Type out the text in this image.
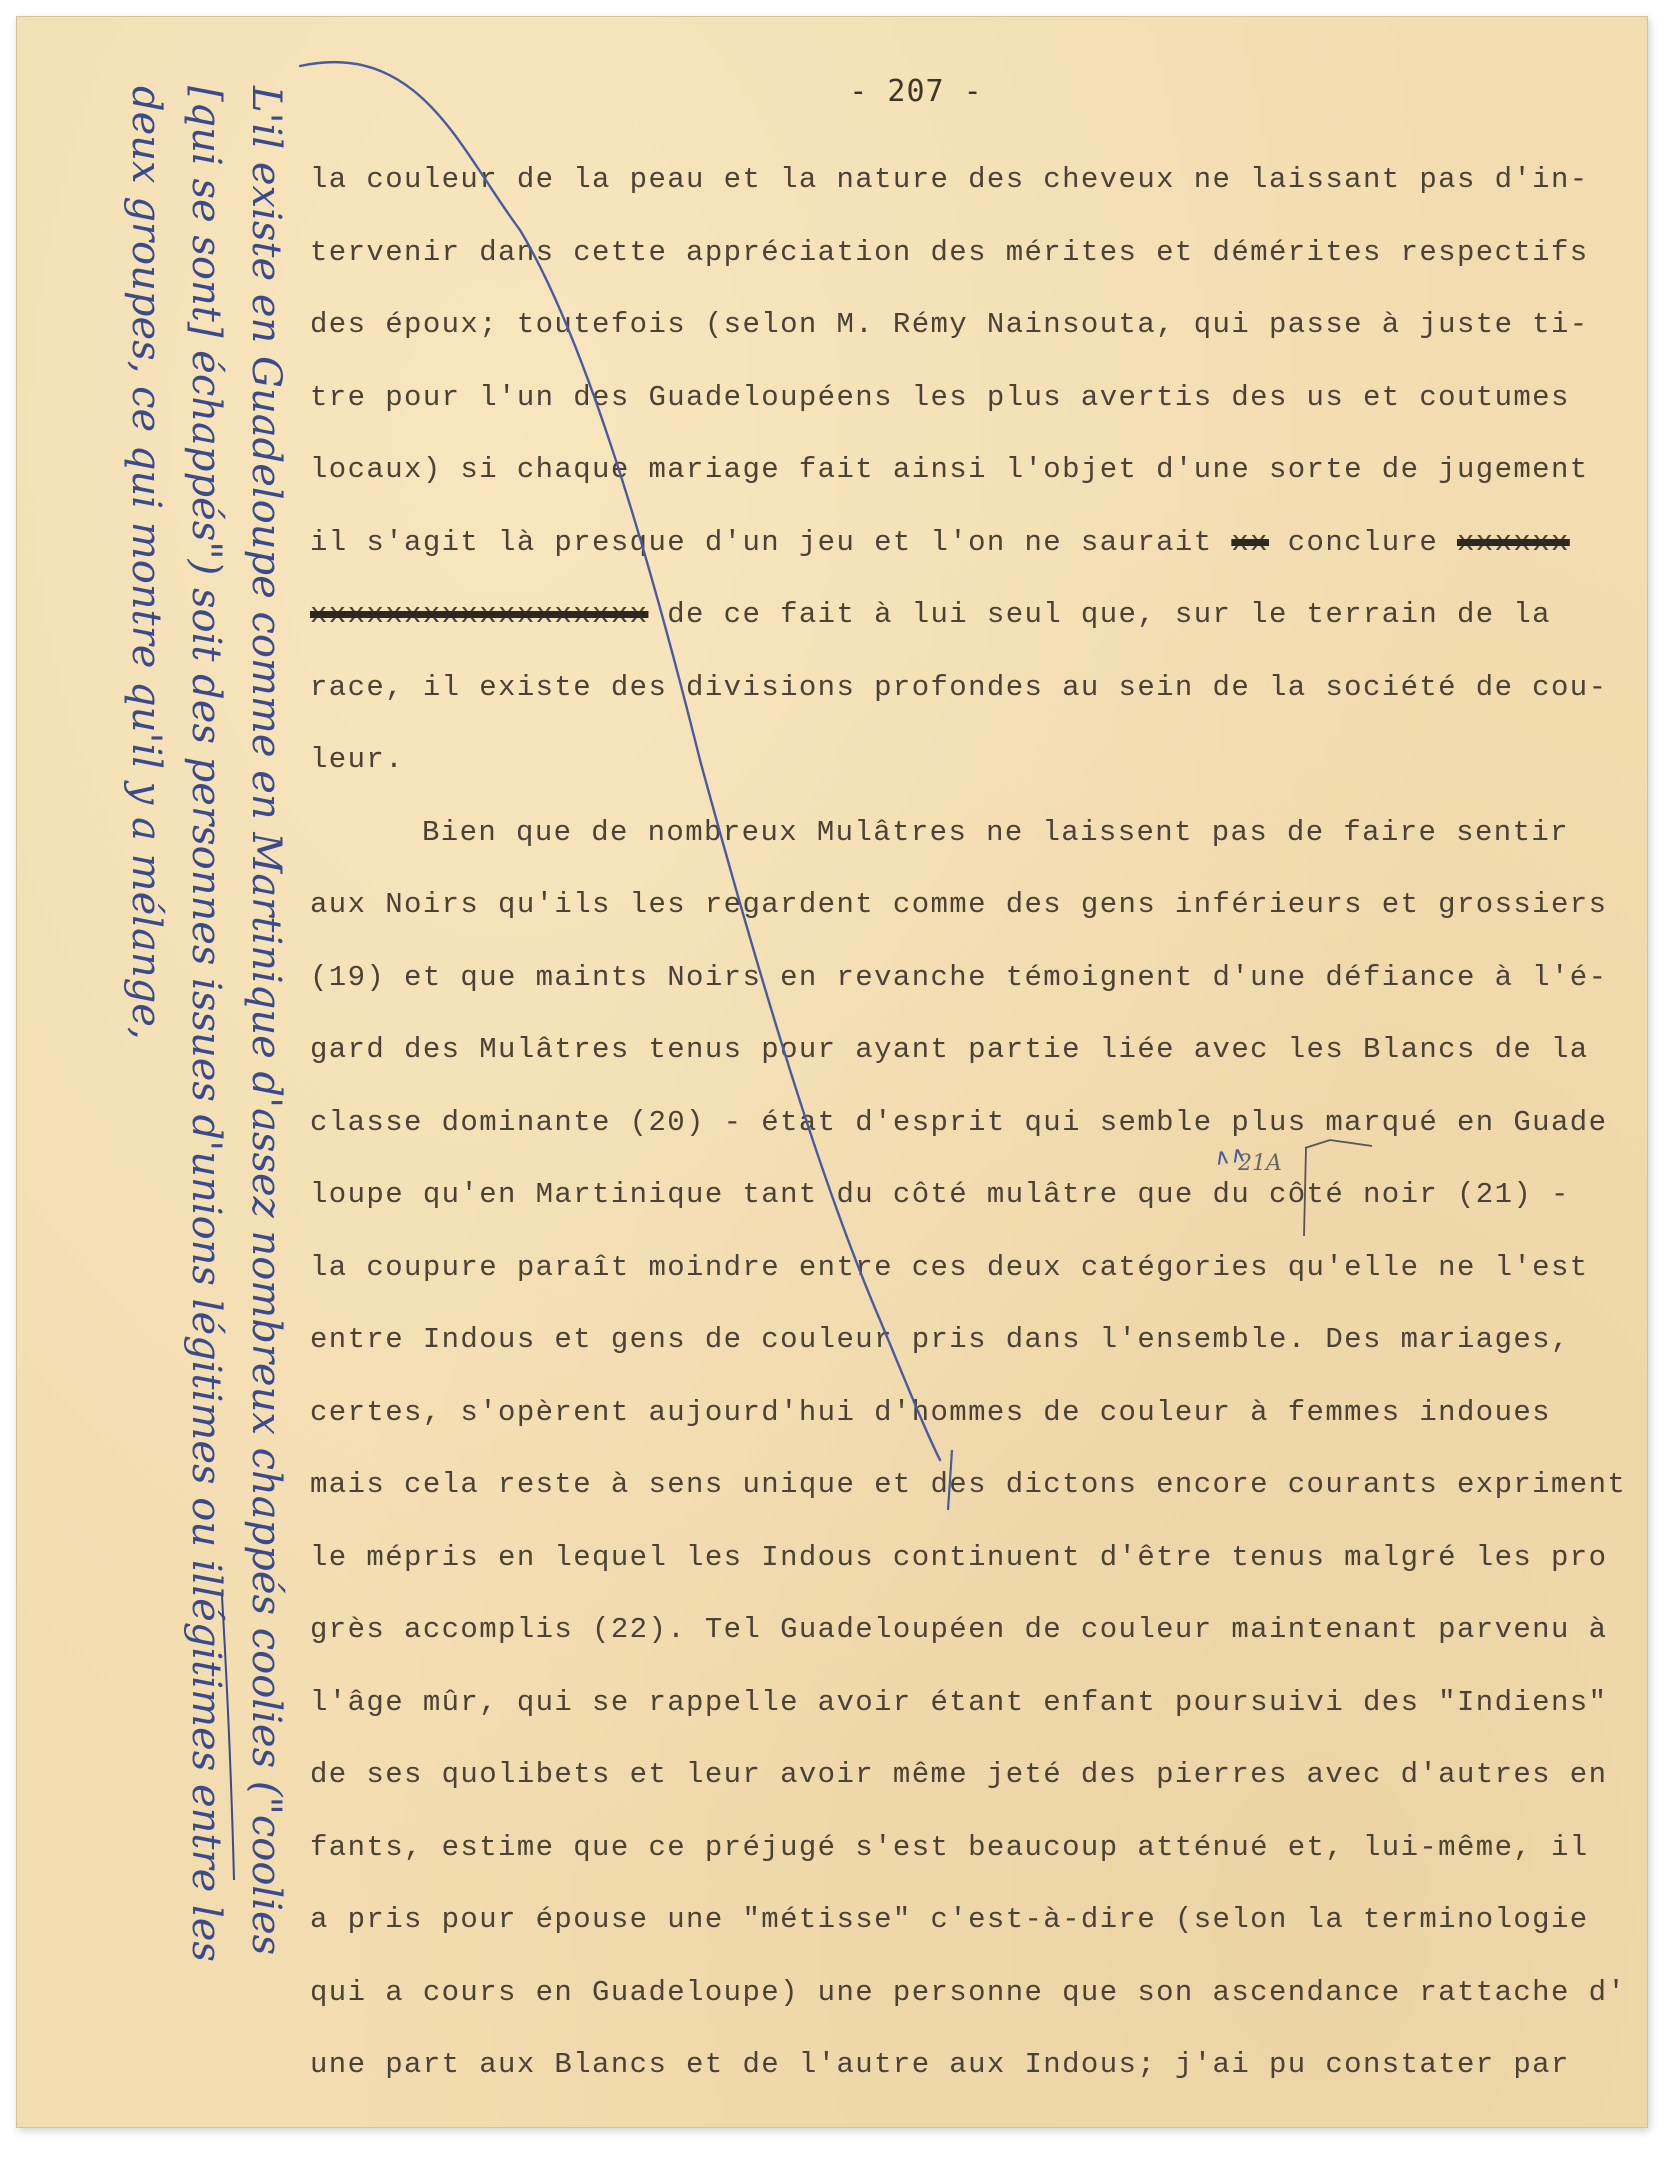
- 207 -
la couleur de la peau et la nature des cheveux ne laissant pas d'in-
tervenir dans cette appréciation des mérites et démérites respectifs
des époux; toutefois (selon M. Rémy Nainsouta, qui passe à juste ti-
tre pour l'un des Guadeloupéens les plus avertis des us et coutumes
locaux) si chaque mariage fait ainsi l'objet d'une sorte de jugement
il s'agit là presque d'un jeu et l'on ne saurait xx conclure xxxxxx
xxxxxxxxxxxxxxxxxx de ce fait à lui seul que, sur le terrain de la
race, il existe des divisions profondes au sein de la société de cou-
leur.
Bien que de nombreux Mulâtres ne laissent pas de faire sentir
aux Noirs qu'ils les regardent comme des gens inférieurs et grossiers
(19) et que maints Noirs en revanche témoignent d'une défiance à l'é-
gard des Mulâtres tenus pour ayant partie liée avec les Blancs de la
classe dominante (20) - état d'esprit qui semble plus marqué en Guade
loupe qu'en Martinique tant du côté mulâtre que du côté noir (21) -
la coupure paraît moindre entre ces deux catégories qu'elle ne l'est
entre Indous et gens de couleur pris dans l'ensemble. Des mariages,
certes, s'opèrent aujourd'hui d'hommes de couleur à femmes indoues
mais cela reste à sens unique et des dictons encore courants expriment
le mépris en lequel les Indous continuent d'être tenus malgré les pro
grès accomplis (22). Tel Guadeloupéen de couleur maintenant parvenu à
l'âge mûr, qui se rappelle avoir étant enfant poursuivi des "Indiens"
de ses quolibets et leur avoir même jeté des pierres avec d'autres en
fants, estime que ce préjugé s'est beaucoup atténué et, lui-même, il
a pris pour épouse une "métisse" c'est-à-dire (selon la terminologie
qui a cours en Guadeloupe) une personne que son ascendance rattache d'
une part aux Blancs et de l'autre aux Indous; j'ai pu constater par
L'il existe en Guadeloupe comme en Martinique d'assez nombreux chappés coolies ("coolies
[qui se sont] échappés") soit des personnes issues d'unions légitimes ou illégitimes entre les
deux groupes, ce qui montre qu'il y a mélange,
∧∧
21A
